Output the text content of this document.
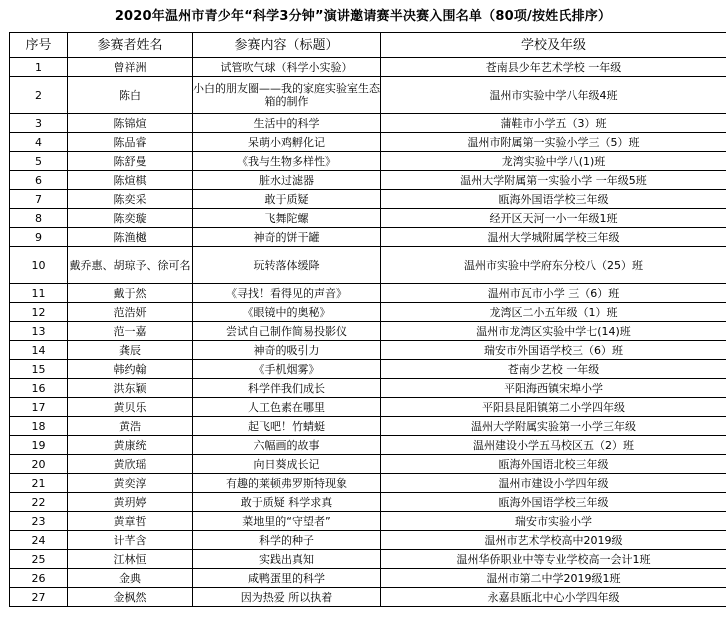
2020年温州市青少年“科学3分钟”演讲邀请赛半决赛入围名单（80项/按姓氏排序）
序号	参赛者姓名	参赛内容（标题）	学校及年级
1	曾祥洲	试管吹气球（科学小实验）	苍南县少年艺术学校 一年级
2	陈白	小白的朋友圈——我的家庭实验室生态箱的制作	温州市实验中学八年级4班
3	陈锦煊	生活中的科学	蒲鞋市小学五（3）班
4	陈品睿	呆萌小鸡孵化记	温州市附属第一实验小学三（5）班
5	陈舒曼	《我与生物多样性》	龙湾实验中学八(1)班
6	陈煊棋	脏水过滤器	温州大学附属第一实验小学 一年级5班
7	陈奕采	敢于质疑	瓯海外国语学校三年级
8	陈奕璇	飞舞陀螺	经开区天河一小一年级1班
9	陈渔樾	神奇的饼干罐	温州大学城附属学校三年级
10	戴乔惠、胡琼予、徐可名	玩转落体缓降	温州市实验中学府东分校八（25）班
11	戴于然	《寻找！看得见的声音》	温州市瓦市小学 三（6）班
12	范浩妍	《眼镜中的奥秘》	龙湾区二小五年级（1）班
13	范一嘉	尝试自己制作简易投影仪	温州市龙湾区实验中学七(14)班
14	龚辰	神奇的吸引力	瑞安市外国语学校三（6）班
15	韩约翰	《手机烟雾》	苍南少艺校 一年级
16	洪东颖	科学伴我们成长	平阳海西镇宋埠小学
17	黄贝乐	人工色素在哪里	平阳县昆阳镇第二小学四年级
18	黄浩	起飞吧！竹蜻蜓	温州大学附属实验第一小学三年级
19	黄康统	六幅画的故事	温州建设小学五马校区五（2）班
20	黄欣瑶	向日葵成长记	瓯海外国语北校三年级
21	黄奕淳	有趣的莱顿弗罗斯特现象	温州市建设小学四年级
22	黄玥婷	敢于质疑 科学求真	瓯海外国语学校三年级
23	黄章哲	菜地里的“守望者”	瑞安市实验小学
24	计芊含	科学的种子	温州市艺术学校高中2019级
25	江林恒	实践出真知	温州华侨职业中等专业学校高一会计1班
26	金典	咸鸭蛋里的科学	温州市第二中学2019级1班
27	金枫然	因为热爱 所以执着	永嘉县瓯北中心小学四年级
